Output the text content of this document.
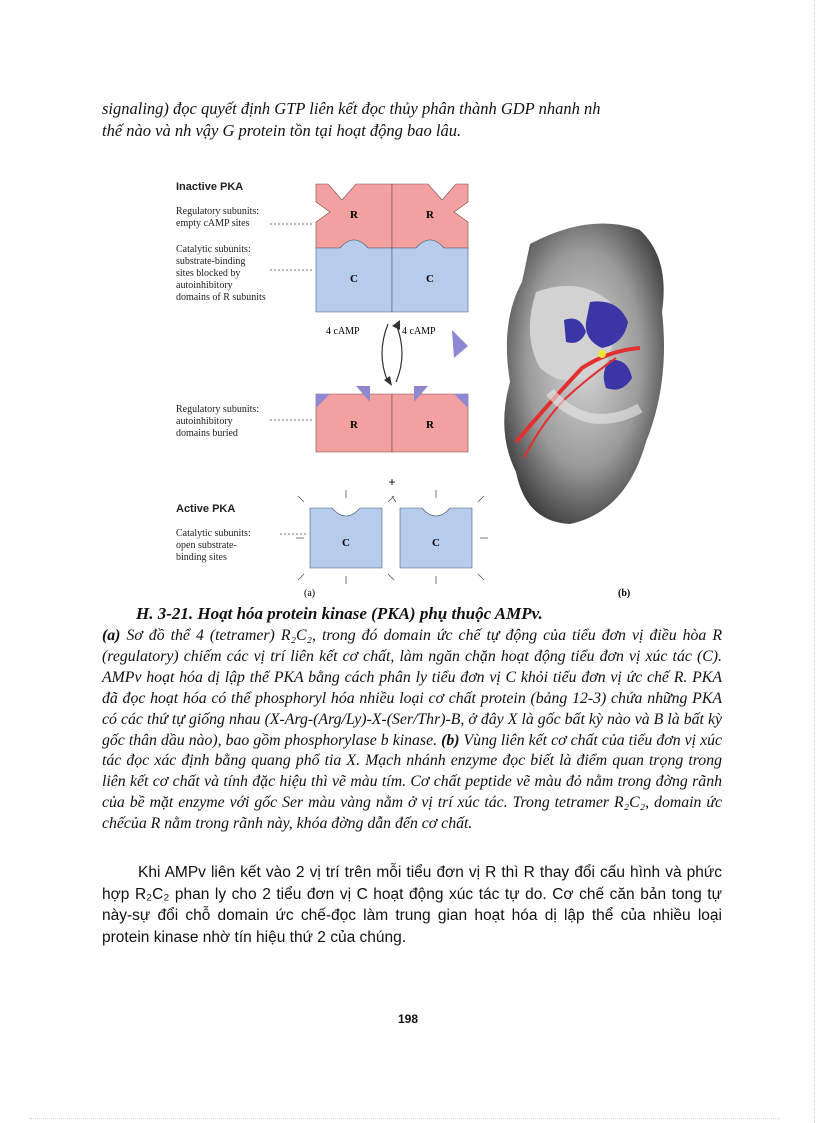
signaling) đọc quyết định GTP liên kết đọc thủy phân thành GDP nhanh nh
thế nào và nh vậy G protein tồn tại hoạt động bao lâu.

Inactive PKA
Regulatory subunits:
empty cAMP sites
Catalytic subunits:
substrate-binding
sites blocked by
autoinhibitory
domains of R subunits
R	R
C	C
4 cAMP	4 cAMP
Regulatory subunits:
autoinhibitory
domains buried
R	R
+
Active PKA
Catalytic subunits:
open substrate-
binding sites
C	C
(a)	(b)

H. 3-21. Hoạt hóa protein kinase (PKA) phụ thuộc AMPv.

(a) Sơ đồ thể 4 (tetramer) R₂C₂, trong đó domain ức chế tự động của tiểu đơn vị điều hòa R (regulatory) chiếm các vị trí liên kết cơ chất, làm ngăn chặn hoạt động tiểu đơn vị xúc tác (C). AMPv hoạt hóa dị lập thể PKA bằng cách phân ly tiểu đơn vị C khỏi tiểu đơn vị ức chế R. PKA đã đọc hoạt hóa có thể phosphoryl hóa nhiều loại cơ chất protein (bảng 12-3) chứa những PKA có các thứ tự giống nhau (X-Arg-(Arg/Ly)-X-(Ser/Thr)-B, ở đây X là gốc bất kỳ nào và B là bất kỳ gốc thân dầu nào), bao gồm phosphorylase b kinase. (b) Vùng liên kết cơ chất của tiểu đơn vị xúc tác đọc xác định bằng quang phổ tia X. Mạch nhánh enzyme đọc biết là điểm quan trọng trong liên kết cơ chất và tính đặc hiệu thì vẽ màu tím. Cơ chất peptide vẽ màu đỏ nằm trong đờng rãnh của bề mặt enzyme với gốc Ser màu vàng nằm ở vị trí xúc tác. Trong tetramer R₂C₂, domain ức chếcủa R nằm trong rãnh này, khóa đờng dẫn đến cơ chất.

Khi AMPv liên kết vào 2 vị trí trên mỗi tiểu đơn vị R thì R thay đổi cấu hình và phức hợp R₂C₂ phan ly cho 2 tiểu đơn vị C hoạt động xúc tác tự do. Cơ chế căn bản tong tự này-sự đổi chỗ domain ức chế-đọc làm trung gian hoạt hóa dị lập thể của nhiều loại protein kinase nhờ tín hiệu thứ 2 của chúng.

198
